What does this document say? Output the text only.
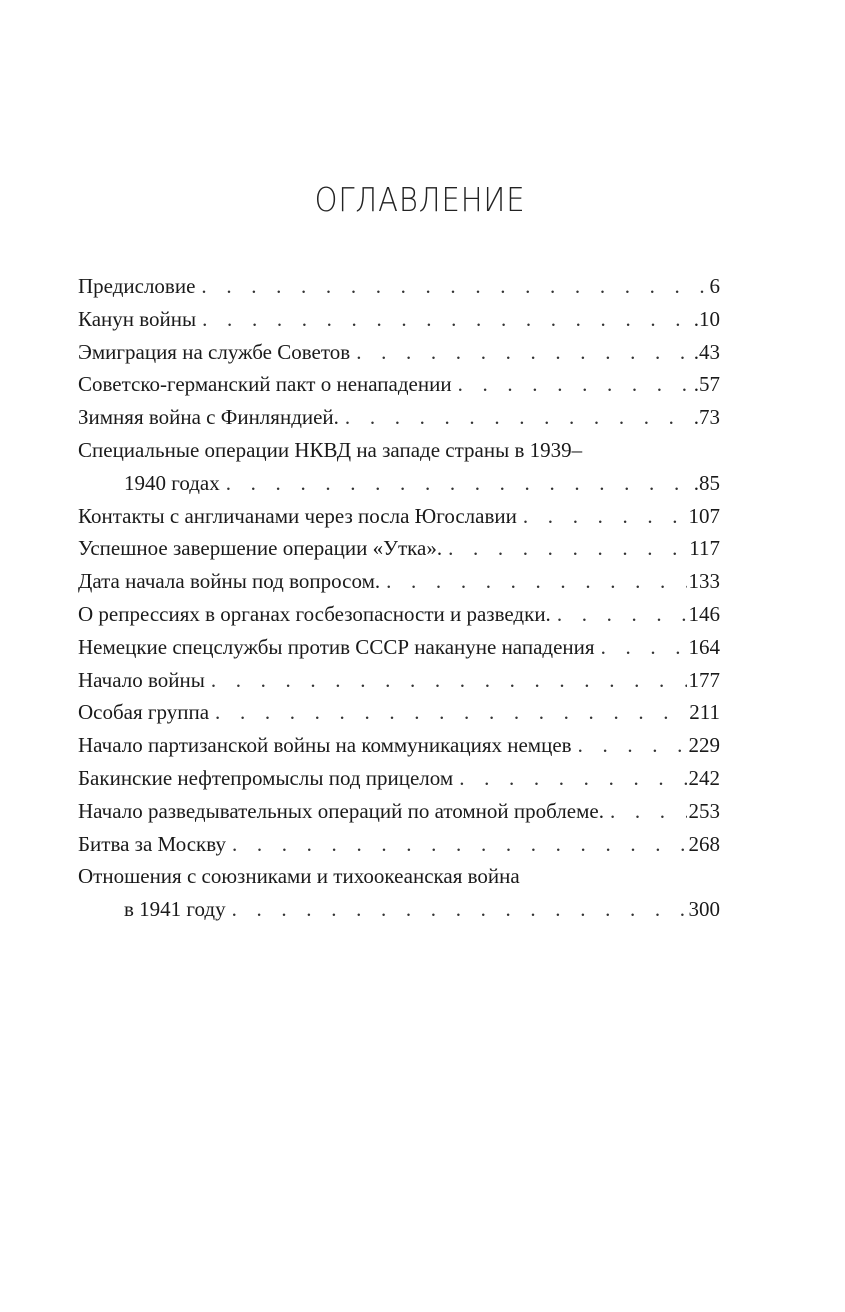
ОГЛАВЛЕНИЕ
Предисловие . . .	6
Канун войны . . .	.10
Эмиграция на службе Советов . . .	.43
Советско-германский пакт о ненападении . . .	.57
Зимняя война с Финляндией. . . .	.73
Специальные операции НКВД на западе страны в 1939–
1940 годах . . .	.85
Контакты с англичанами через посла Югославии . . .	107
Успешное завершение операции «Утка». . . .	117
Дата начала войны под вопросом. . . .	133
О репрессиях в органах госбезопасности и разведки. . . .	146
Немецкие спецслужбы против СССР накануне нападения . . .	164
Начало войны . . .	177
Особая группа . . .	211
Начало партизанской войны на коммуникациях немцев . . .	229
Бакинские нефтепромыслы под прицелом . . .	242
Начало разведывательных операций по атомной проблеме. . . .	253
Битва за Москву . . .	268
Отношения с союзниками и тихоокеанская война
в 1941 году . . .	300
